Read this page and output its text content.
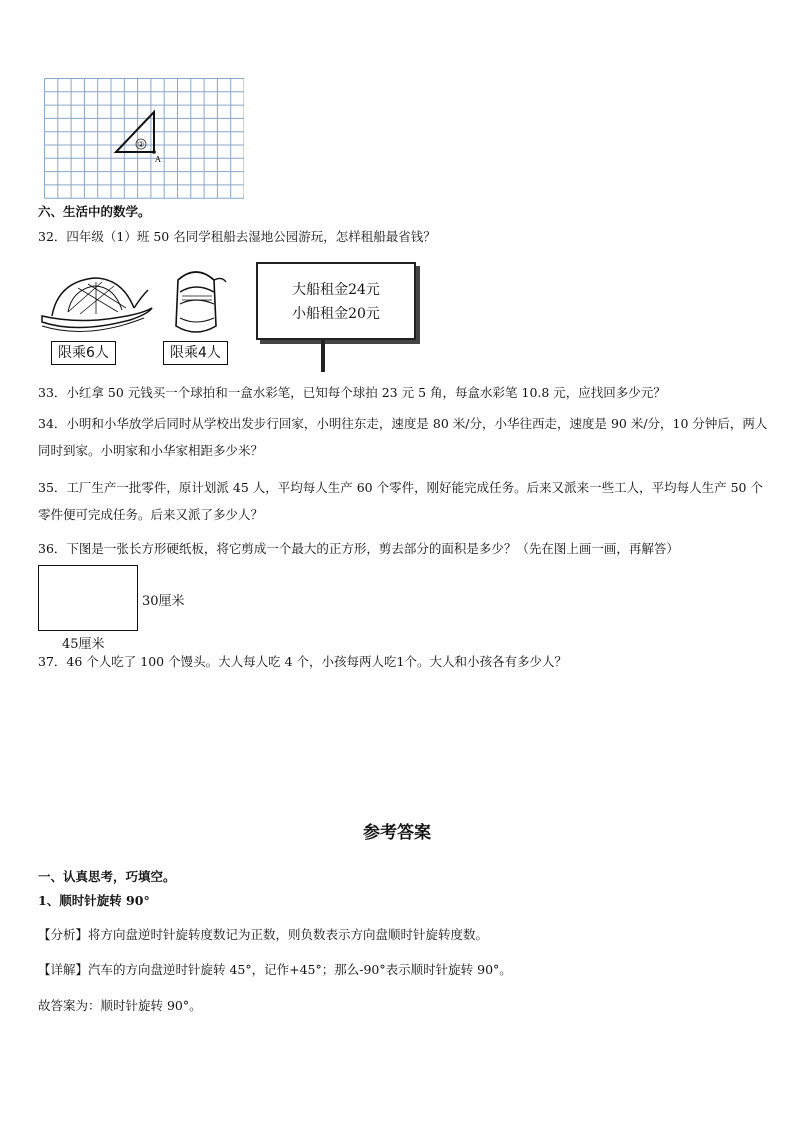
②
A
六、生活中的数学。
32．四年级（1）班 50 名同学租船去湿地公园游玩，怎样租船最省钱？
限乘6人	限乘4人
大船租金24元
小船租金20元
33．小红拿 50 元钱买一个球拍和一盒水彩笔，已知每个球拍 23 元 5 角，每盒水彩笔 10.8 元，应找回多少元？
34．小明和小华放学后同时从学校出发步行回家，小明往东走，速度是 80 米/分，小华往西走，速度是 90 米/分，10 分钟后，两人同时到家。小明家和小华家相距多少米？
35．工厂生产一批零件，原计划派 45 人，平均每人生产 60 个零件，刚好能完成任务。后来又派来一些工人，平均每人生产 50 个零件便可完成任务。后来又派了多少人？
36．下图是一张长方形硬纸板，将它剪成一个最大的正方形，剪去部分的面积是多少？（先在图上画一画，再解答）
30厘米
45厘米
37．46 个人吃了 100 个馒头。大人每人吃 4 个，小孩每两人吃1个。大人和小孩各有多少人？
参考答案
一、认真思考，巧填空。
1、顺时针旋转 90°
【分析】将方向盘逆时针旋转度数记为正数，则负数表示方向盘顺时针旋转度数。
【详解】汽车的方向盘逆时针旋转 45°，记作+45°；那么-90°表示顺时针旋转 90°。
故答案为：顺时针旋转 90°。
